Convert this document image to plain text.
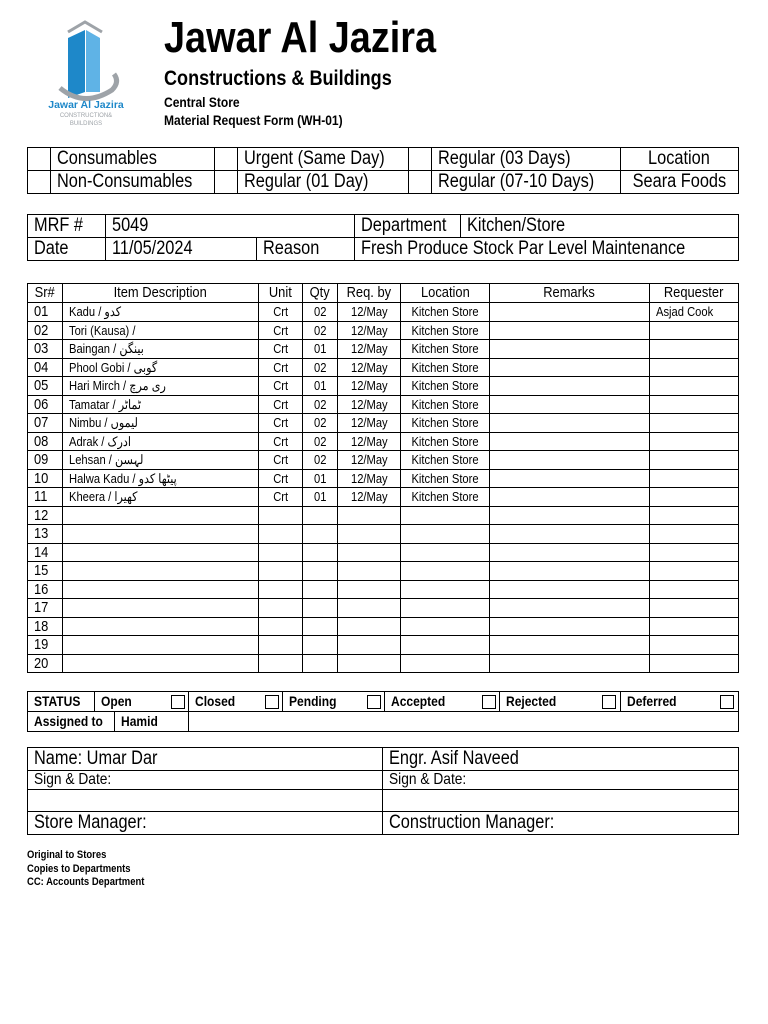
Jawar Al Jazira
CONSTRUCTION&
BUILDINGS
Jawar Al Jazira
Constructions & Buildings
Central Store
Material Request Form (WH-01)
	Consumables		Urgent (Same Day)		Regular (03 Days)	Location
	Non-Consumables		Regular (01 Day)		Regular (07-10 Days)	Seara Foods
MRF #	5049		Department	Kitchen/Store
Date	11/05/2024	Reason	Fresh Produce Stock Par Level Maintenance	
Sr#	Item Description	Unit	Qty	Req. by	Location	Remarks	Requester
01	Kadu / کدو	Crt	02	12/May	Kitchen Store		Asjad Cook
02	Tori (Kausa) /	Crt	02	12/May	Kitchen Store		
03	Baingan / بینگن	Crt	01	12/May	Kitchen Store		
04	Phool Gobi / گوبی	Crt	02	12/May	Kitchen Store		
05	Hari Mirch / ری مرچ	Crt	01	12/May	Kitchen Store		
06	Tamatar / ٹماٹر	Crt	02	12/May	Kitchen Store		
07	Nimbu / لیموں	Crt	02	12/May	Kitchen Store		
08	Adrak / ادرک	Crt	02	12/May	Kitchen Store		
09	Lehsan / لہسن	Crt	02	12/May	Kitchen Store		
10	Halwa Kadu / پیٹھا کدو	Crt	01	12/May	Kitchen Store		
11	Kheera / کھیرا	Crt	01	12/May	Kitchen Store		
12							
13							
14							
15							
16							
17							
18							
19							
20							
STATUS	Open	Closed	Pending	Accepted	Rejected	Deferred

Assigned to Hamid						

Name: Umar Dar	Engr. Asif Naveed
Sign & Date:	Sign & Date:

Store Manager:	Construction Manager:
Original to Stores
Copies to Departments
CC: Accounts Department
